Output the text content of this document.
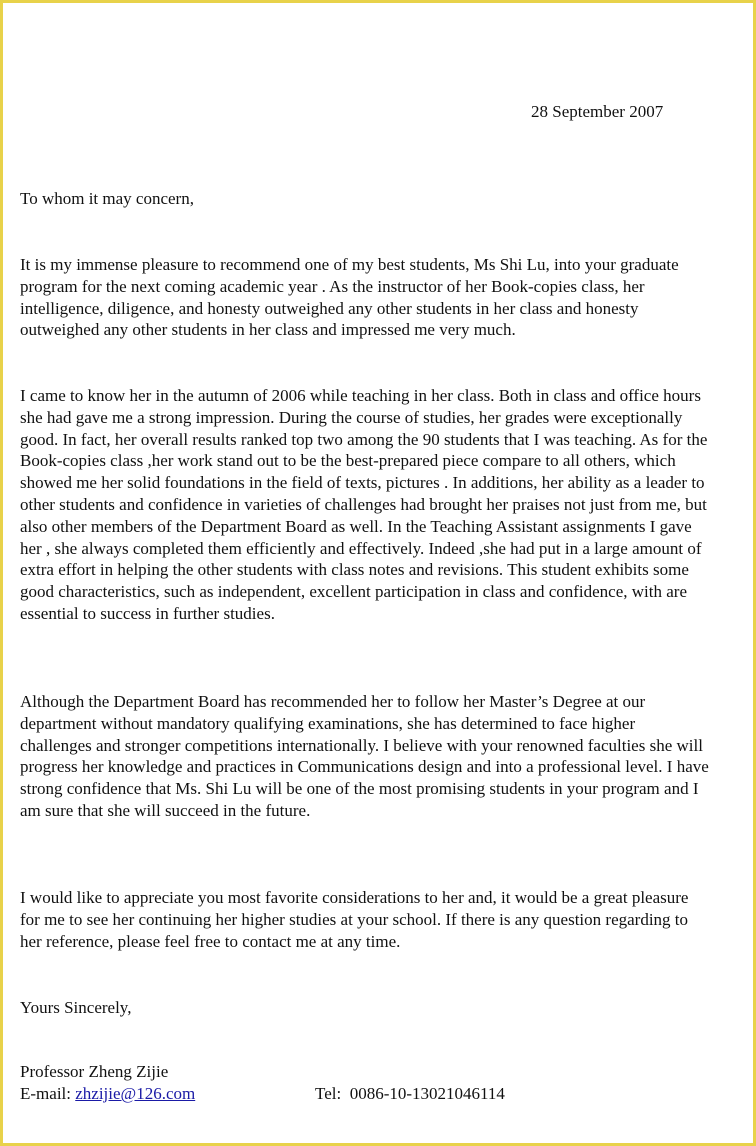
28 September 2007
To whom it may concern,

It is my immense pleasure to recommend one of my best students, Ms Shi Lu, into your graduate program for the next coming academic year . As the instructor of her Book-copies class, her intelligence, diligence, and honesty outweighed any other students in her class and honesty outweighed any other students in her class and impressed me very much.

I came to know her in the autumn of 2006 while teaching in her class. Both in class and office hours she had gave me a strong impression. During the course of studies, her grades were exceptionally good. In fact, her overall results ranked top two among the 90 students that I was teaching. As for the Book-copies class ,her work stand out to be the best-prepared piece compare to all others, which showed me her solid foundations in the field of texts, pictures . In additions, her ability as a leader to other students and confidence in varieties of challenges had brought her praises not just from me, but also other members of the Department Board as well. In the Teaching Assistant assignments I gave her , she always completed them efficiently and effectively. Indeed ,she had put in a large amount of extra effort in helping the other students with class notes and revisions. This student exhibits some good characteristics, such as independent, excellent participation in class and confidence, with are essential to success in further studies.

Although the Department Board has recommended her to follow her Master’s Degree at our department without mandatory qualifying examinations, she has determined to face higher challenges and stronger competitions internationally. I believe with your renowned faculties she will progress her knowledge and practices in Communications design and into a professional level. I have strong confidence that Ms. Shi Lu will be one of the most promising students in your program and I am sure that she will succeed in the future.

I would like to appreciate you most favorite considerations to her and, it would be a great pleasure for me to see her continuing her higher studies at your school. If there is any question regarding to her reference, please feel free to contact me at any time.

Yours Sincerely,
Professor Zheng Zijie
E-mail: zhzijie@126.com	Tel: 0086-10-13021046114
